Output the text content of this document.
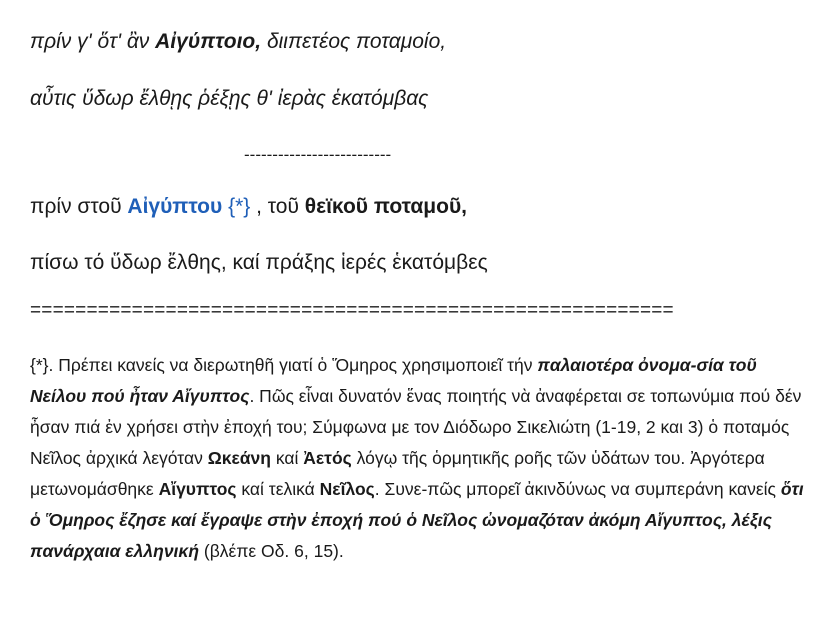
πρίν γ' ὅτ' ἂν Αἰγύπτοιο, διιπετέος ποταμοίο,
αὖτις ὕδωρ ἔλθῃς ῥέξῃς θ' ἰερὰς ἑκατόμβας
--------------------------
πρίν στοῦ Αἰγύπτου {*} , τοῦ θεϊκοῦ ποταμοῦ,
πίσω τό ὕδωρ ἔλθης, καί πράξης ἱερές ἑκατόμβες
=========================================================

{*}. Πρέπει κανείς να διερωτηθῆ γιατί ὁ Ὅμηρος χρησιμοποιεῖ τήν παλαιοτέρα ὀνομα-σία τοῦ Νείλου πού ἦταν Αἴγυπτος. Πῶς εἶναι δυνατόν ἕνας ποιητής νὰ ἀναφέρεται σε τοπωνύμια πού δέν ἦσαν πιά ἐν χρήσει στὴν ἐποχή του; Σύμφωνα με τον Διόδωρο Σικελιώτη (1-19, 2 και 3) ὁ ποταμός Νεῖλος ἀρχικά λεγόταν Ωκεάνη καί Ἀετός λόγῳ τῆς ὁρμητικῆς ροῆς τῶν ὑδάτων του. Ἀργότερα μετωνομάσθηκε Αἴγυπτος καί τελικά Νεῖλος. Συνε-πῶς μπορεῖ ἀκινδύνως να συμπεράνη κανείς ὅτι ὁ Ὅμηρος ἔζησε καί ἔγραψε στὴν ἐποχή πού ὁ Νεῖλος ὠνομαζόταν ἀκόμη Αἴγυπτος, λέξις πανάρχαια ελληνική (βλέπε Οδ. 6, 15).
